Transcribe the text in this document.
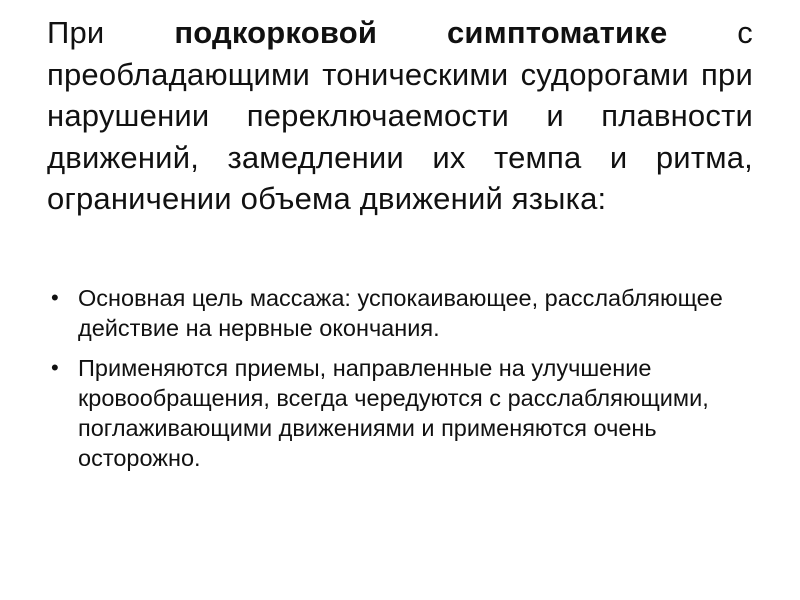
При подкорковой симптоматике с преобладающими тоническими судорогами при нарушении переключаемости и плавности движений, замедлении их темпа и ритма, ограничении объема движений языка:

• Основная цель массажа: успокаивающее, расслабляющее действие на нервные окончания.
• Применяются приемы, направленные на улучшение кровообращения, всегда чередуются с расслабляющими, поглаживающими движениями и применяются очень осторожно.
